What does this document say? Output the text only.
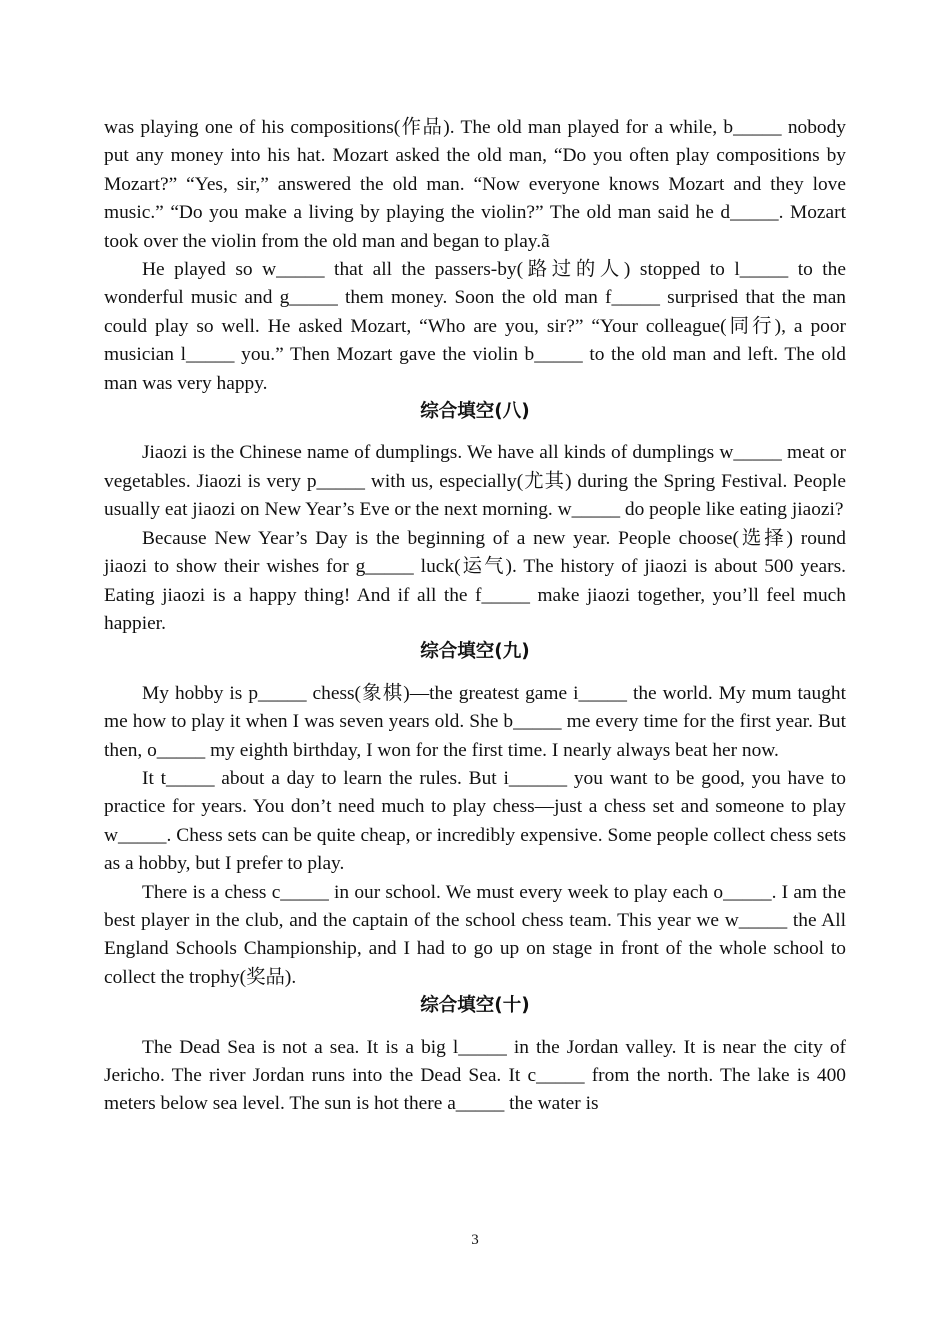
was playing one of his compositions(作品). The old man played for a while, b_____ nobody put any money into his hat. Mozart asked the old man, “Do you often play compositions by Mozart?” “Yes, sir,” answered the old man. “Now everyone knows Mozart and they love music.” “Do you make a living by playing the violin?” The old man said he d_____. Mozart took over the violin from the old man and began to play.ã

He played so w_____ that all the passers-by(路过的人) stopped to l_____ to the wonderful music and g_____ them money. Soon the old man f_____ surprised that the man could play so well. He asked Mozart, “Who are you, sir?” “Your colleague(同行), a poor musician l_____ you.” Then Mozart gave the violin b_____ to the old man and left. The old man was very happy.

综合填空(八)

Jiaozi is the Chinese name of dumplings. We have all kinds of dumplings w_____ meat or vegetables. Jiaozi is very p_____ with us, especially(尤其) during the Spring Festival. People usually eat jiaozi on New Year’s Eve or the next morning. w_____ do people like eating jiaozi?

Because New Year’s Day is the beginning of a new year. People choose(选择) round jiaozi to show their wishes for g_____ luck(运气). The history of jiaozi is about 500 years. Eating jiaozi is a happy thing! And if all the f_____ make jiaozi together, you’ll feel much happier.

综合填空(九)

My hobby is p_____ chess(象棋)—the greatest game i_____ the world. My mum taught me how to play it when I was seven years old. She b_____ me every time for the first year. But then, o_____ my eighth birthday, I won for the first time. I nearly always beat her now.

It t_____ about a day to learn the rules. But i______ you want to be good, you have to practice for years. You don’t need much to play chess—just a chess set and someone to play w_____. Chess sets can be quite cheap, or incredibly expensive. Some people collect chess sets as a hobby, but I prefer to play.

There is a chess c_____ in our school. We must every week to play each o_____. I am the best player in the club, and the captain of the school chess team. This year we w_____ the All England Schools Championship, and I had to go up on stage in front of the whole school to collect the trophy(奖品).

综合填空(十)

The Dead Sea is not a sea. It is a big l_____ in the Jordan valley. It is near the city of Jericho. The river Jordan runs into the Dead Sea. It c_____ from the north. The lake is 400 meters below sea level. The sun is hot there a_____ the water is

3
